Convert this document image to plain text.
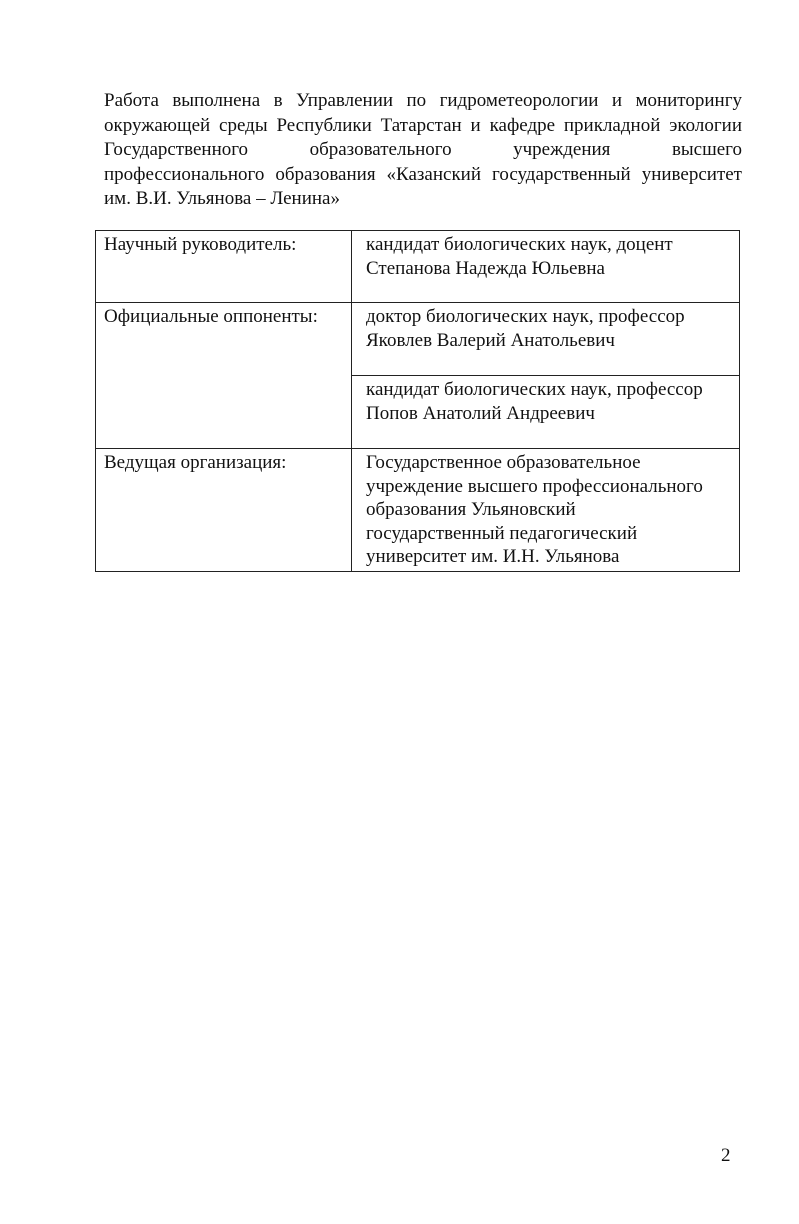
Работа выполнена в Управлении по гидрометеорологии и мониторингу
окружающей среды Республики Татарстан и кафедре прикладной экологии
Государственного образовательного учреждения высшего
профессионального образования «Казанский государственный университет
им. В.И. Ульянова – Ленина»
Научный руководитель:	кандидат биологических наук, доцент
Степанова Надежда Юльевна

Официальные оппоненты:	доктор биологических наук, профессор
Яковлев Валерий Анатольевич

	кандидат биологических наук, профессор
Попов Анатолий Андреевич

Ведущая организация:	Государственное образовательное
учреждение высшего профессионального
образования Ульяновский
государственный педагогический
университет им. И.Н. Ульянова
2
